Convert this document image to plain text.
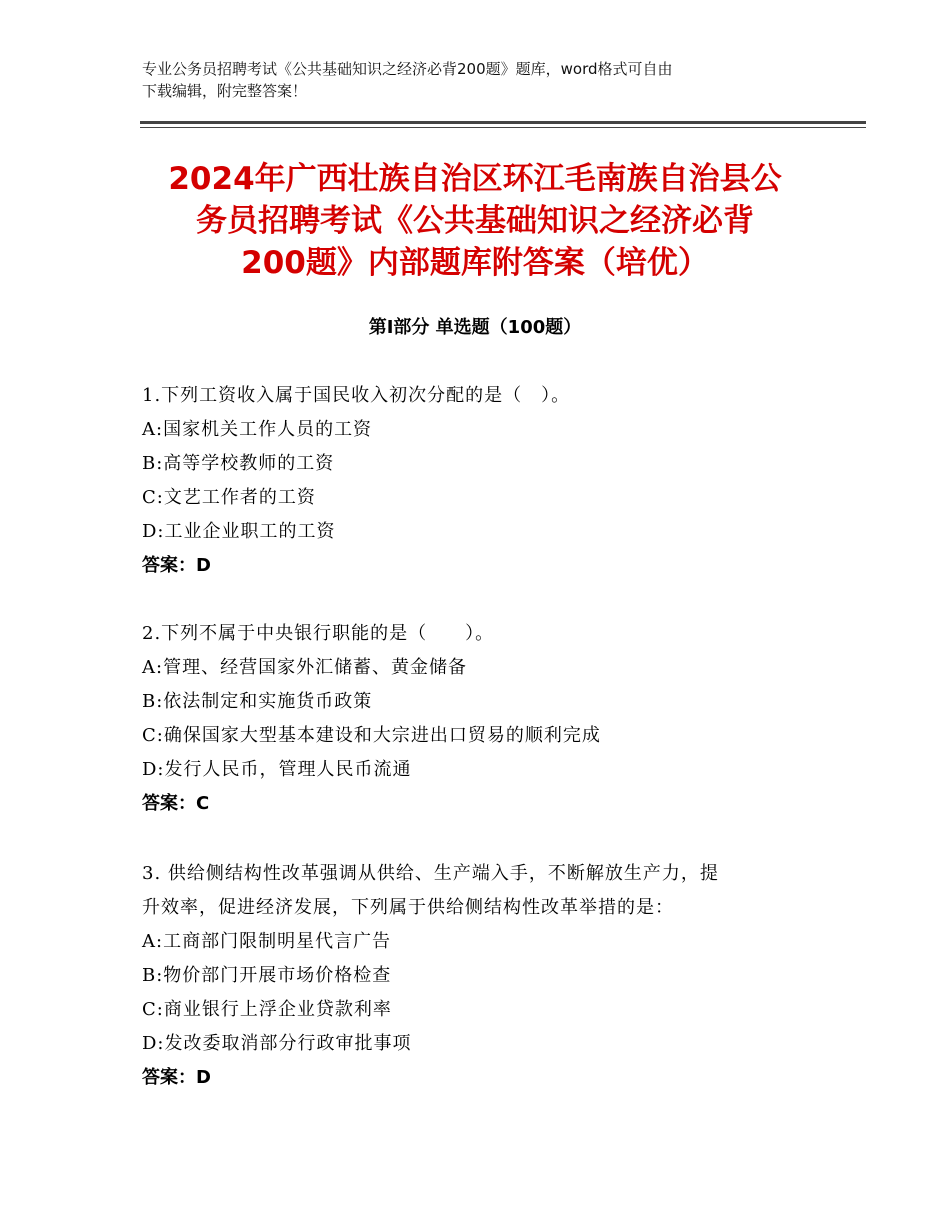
专业公务员招聘考试《公共基础知识之经济必背200题》题库，word格式可自由
下载编辑，附完整答案！
2024年广西壮族自治区环江毛南族自治县公
务员招聘考试《公共基础知识之经济必背
200题》内部题库附答案（培优）
第Ⅰ部分 单选题（100题）
1.下列工资收入属于国民收入初次分配的是（　）。
A:国家机关工作人员的工资
B:高等学校教师的工资
C:文艺工作者的工资
D:工业企业职工的工资
答案：D
2.下列不属于中央银行职能的是（　　）。
A:管理、经营国家外汇储蓄、黄金储备
B:依法制定和实施货币政策
C:确保国家大型基本建设和大宗进出口贸易的顺利完成
D:发行人民币，管理人民币流通
答案：C
3. 供给侧结构性改革强调从供给、生产端入手，不断解放生产力，提
升效率，促进经济发展，下列属于供给侧结构性改革举措的是：
A:工商部门限制明星代言广告
B:物价部门开展市场价格检查
C:商业银行上浮企业贷款利率
D:发改委取消部分行政审批事项
答案：D
